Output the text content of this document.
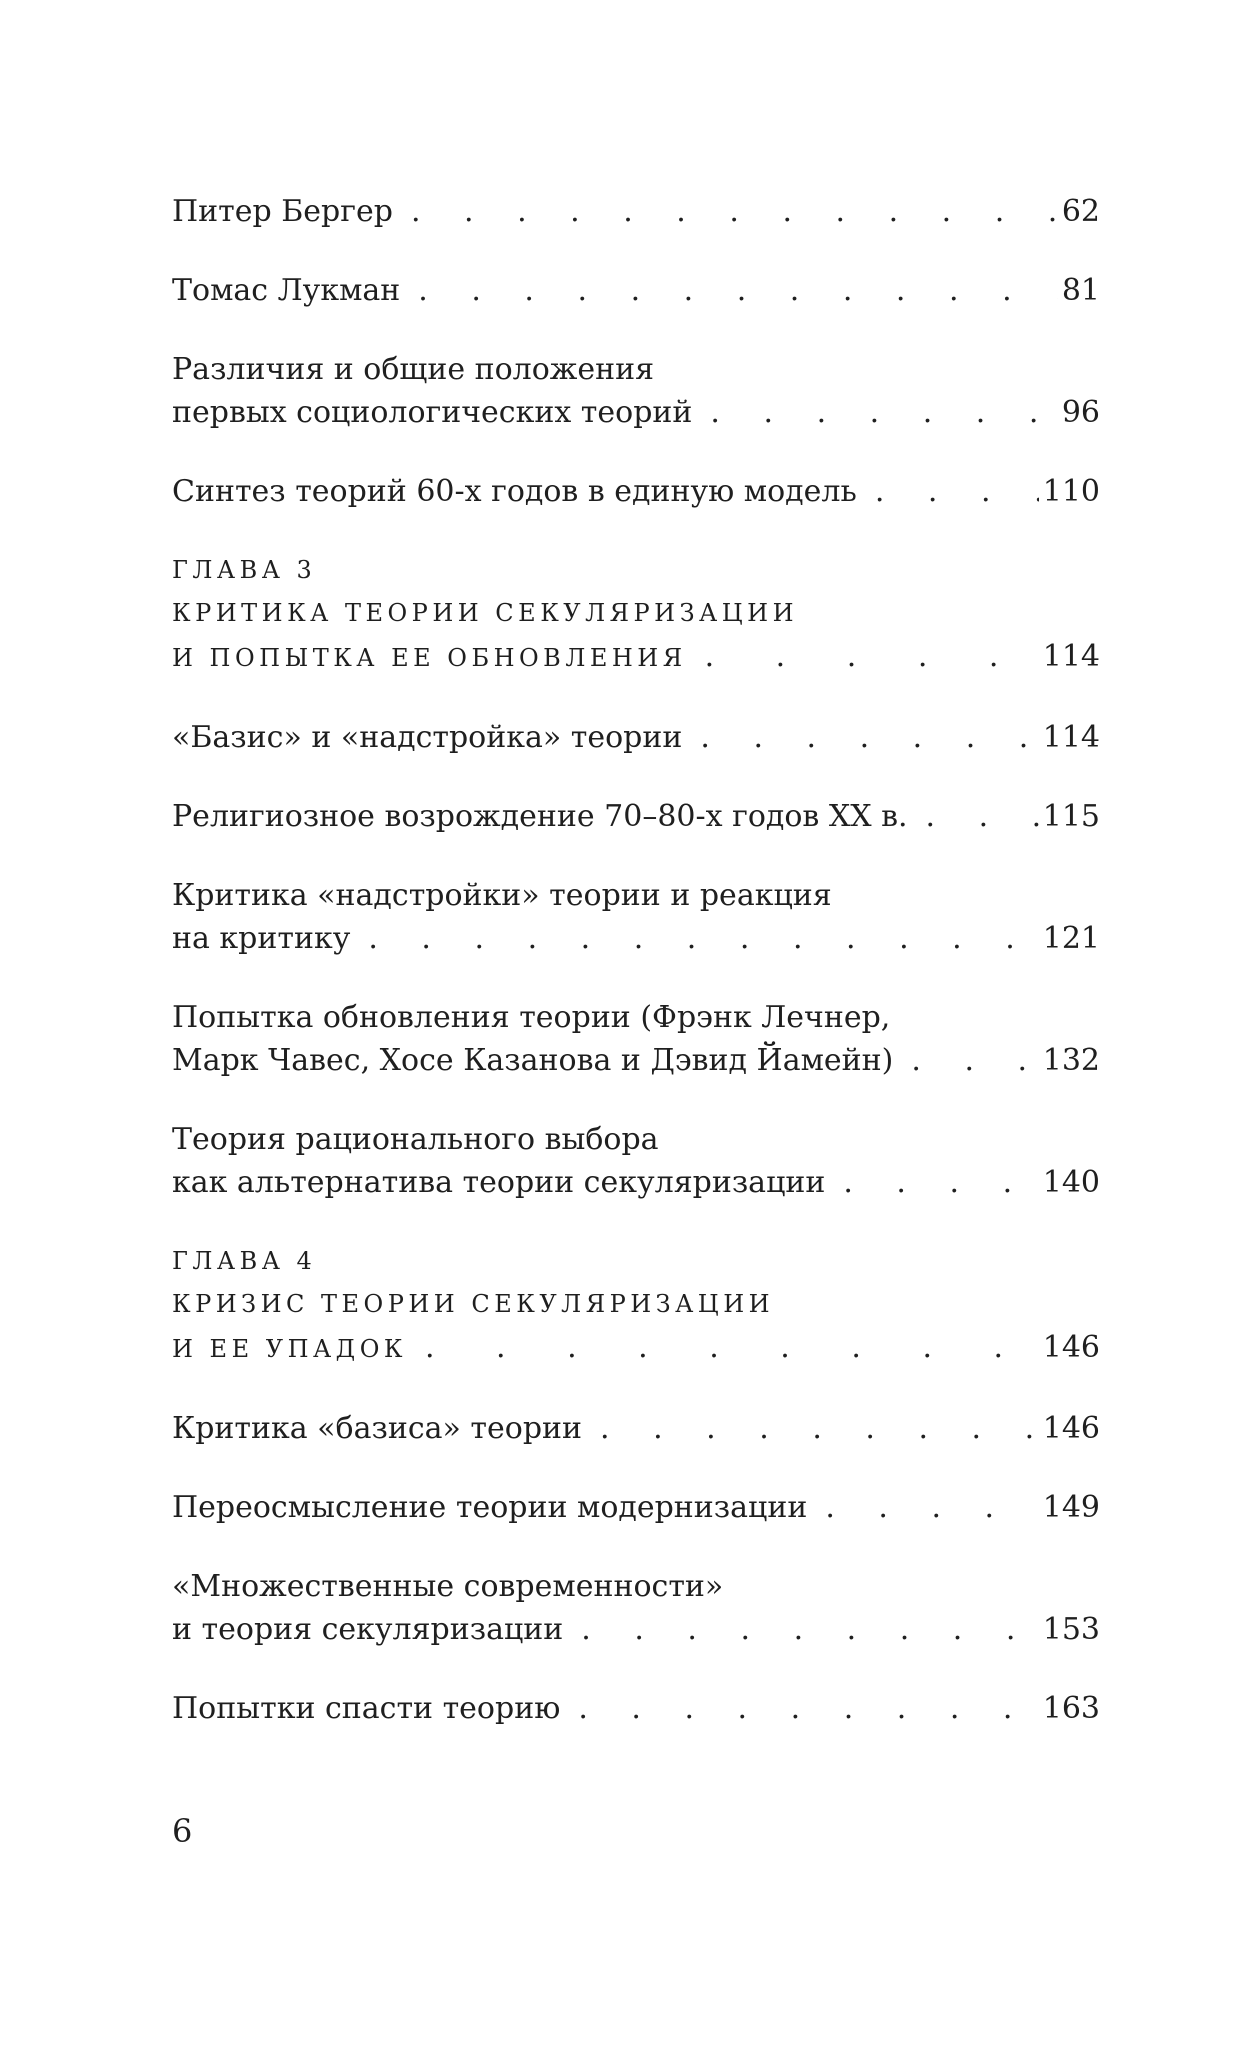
Питер Бергер . . .	62
Томас Лукман . . .	81
Различия и общие положения
первых социологических теорий . . .	96
Синтез теорий 60-х годов в единую модель . . .	110
ГЛАВА 3
КРИТИКА ТЕОРИИ СЕКУЛЯРИЗАЦИИ
И ПОПЫТКА ЕЕ ОБНОВЛЕНИЯ . . .	114
«Базис» и «надстройка» теории . . .	114
Религиозное возрождение 70–80-х годов XX в. . . .	115
Критика «надстройки» теории и реакция
на критику . . .	121
Попытка обновления теории (Фрэнк Лечнер,
Марк Чавес, Хосе Казанова и Дэвид Йамейн) . . .	132
Теория рационального выбора
как альтернатива теории секуляризации . . .	140
ГЛАВА 4
КРИЗИС ТЕОРИИ СЕКУЛЯРИЗАЦИИ
И ЕЕ УПАДОК . . .	146
Критика «базиса» теории . . .	146
Переосмысление теории модернизации . . .	149
«Множественные современности»
и теория секуляризации . . .	153
Попытки спасти теорию . . .	163
6
